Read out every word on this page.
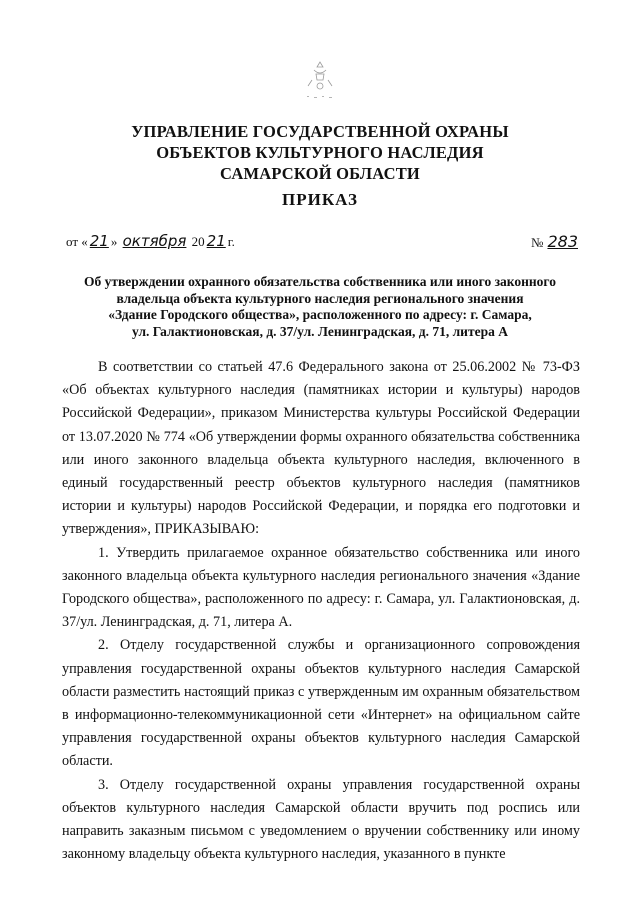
УПРАВЛЕНИЕ ГОСУДАРСТВЕННОЙ ОХРАНЫ
ОБЪЕКТОВ КУЛЬТУРНОГО НАСЛЕДИЯ
САМАРСКОЙ ОБЛАСТИ
ПРИКАЗ
от « 21 » октября 20 21 г.	№ 283
Об утверждении охранного обязательства собственника или иного законного
владельца объекта культурного наследия регионального значения
«Здание Городского общества», расположенного по адресу: г. Самара,
ул. Галактионовская, д. 37/ул. Ленинградская, д. 71, литера А

В соответствии со статьей 47.6 Федерального закона от 25.06.2002 № 73-ФЗ «Об объектах культурного наследия (памятниках истории и культуры) народов Российской Федерации», приказом Министерства культуры Российской Федерации от 13.07.2020 № 774 «Об утверждении формы охранного обязательства собственника или иного законного владельца объекта культурного наследия, включенного в единый государственный реестр объектов культурного наследия (памятников истории и культуры) народов Российской Федерации, и порядка его подготовки и утверждения», ПРИКАЗЫВАЮ:

1. Утвердить прилагаемое охранное обязательство собственника или иного законного владельца объекта культурного наследия регионального значения «Здание Городского общества», расположенного по адресу: г. Самара, ул. Галактионовская, д. 37/ул. Ленинградская, д. 71, литера А.

2. Отделу государственной службы и организационного сопровождения управления государственной охраны объектов культурного наследия Самарской области разместить настоящий приказ с утвержденным им охранным обязательством в информационно-телекоммуникационной сети «Интернет» на официальном сайте управления государственной охраны объектов культурного наследия Самарской области.

3. Отделу государственной охраны управления государственной охраны объектов культурного наследия Самарской области вручить под роспись или направить заказным письмом с уведомлением о вручении собственнику или иному законному владельцу объекта культурного наследия, указанного в пункте
